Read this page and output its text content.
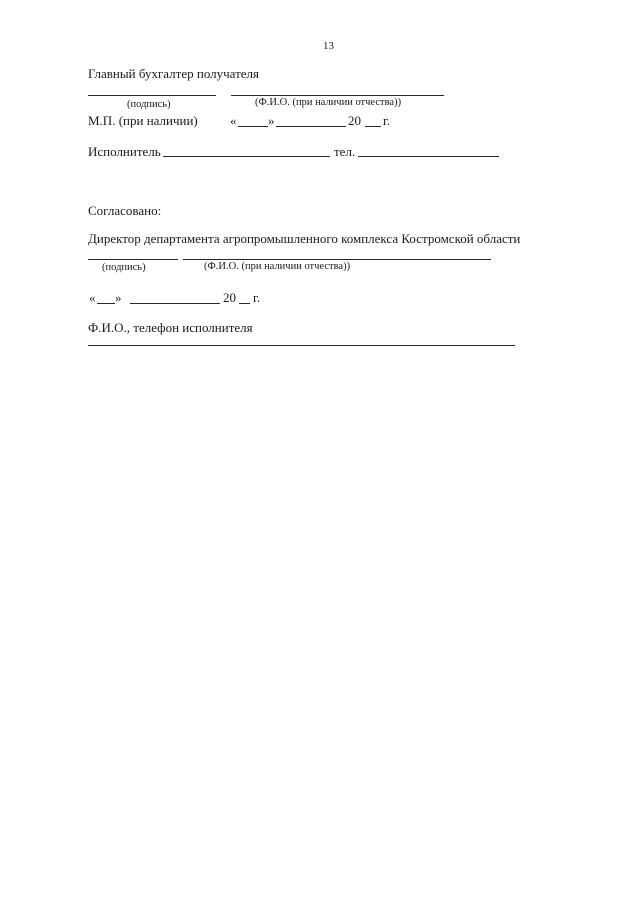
13
Главный бухгалтер получателя
(подпись)	(Ф.И.О. (при наличии отчества))
М.П. (при наличии) « »	20 г.
Исполнитель	тел.
Согласовано:
Директор департамента агропромышленного комплекса Костромской области
(подпись)	(Ф.И.О. (при наличии отчества))
« »	20 г.
Ф.И.О., телефон исполнителя
